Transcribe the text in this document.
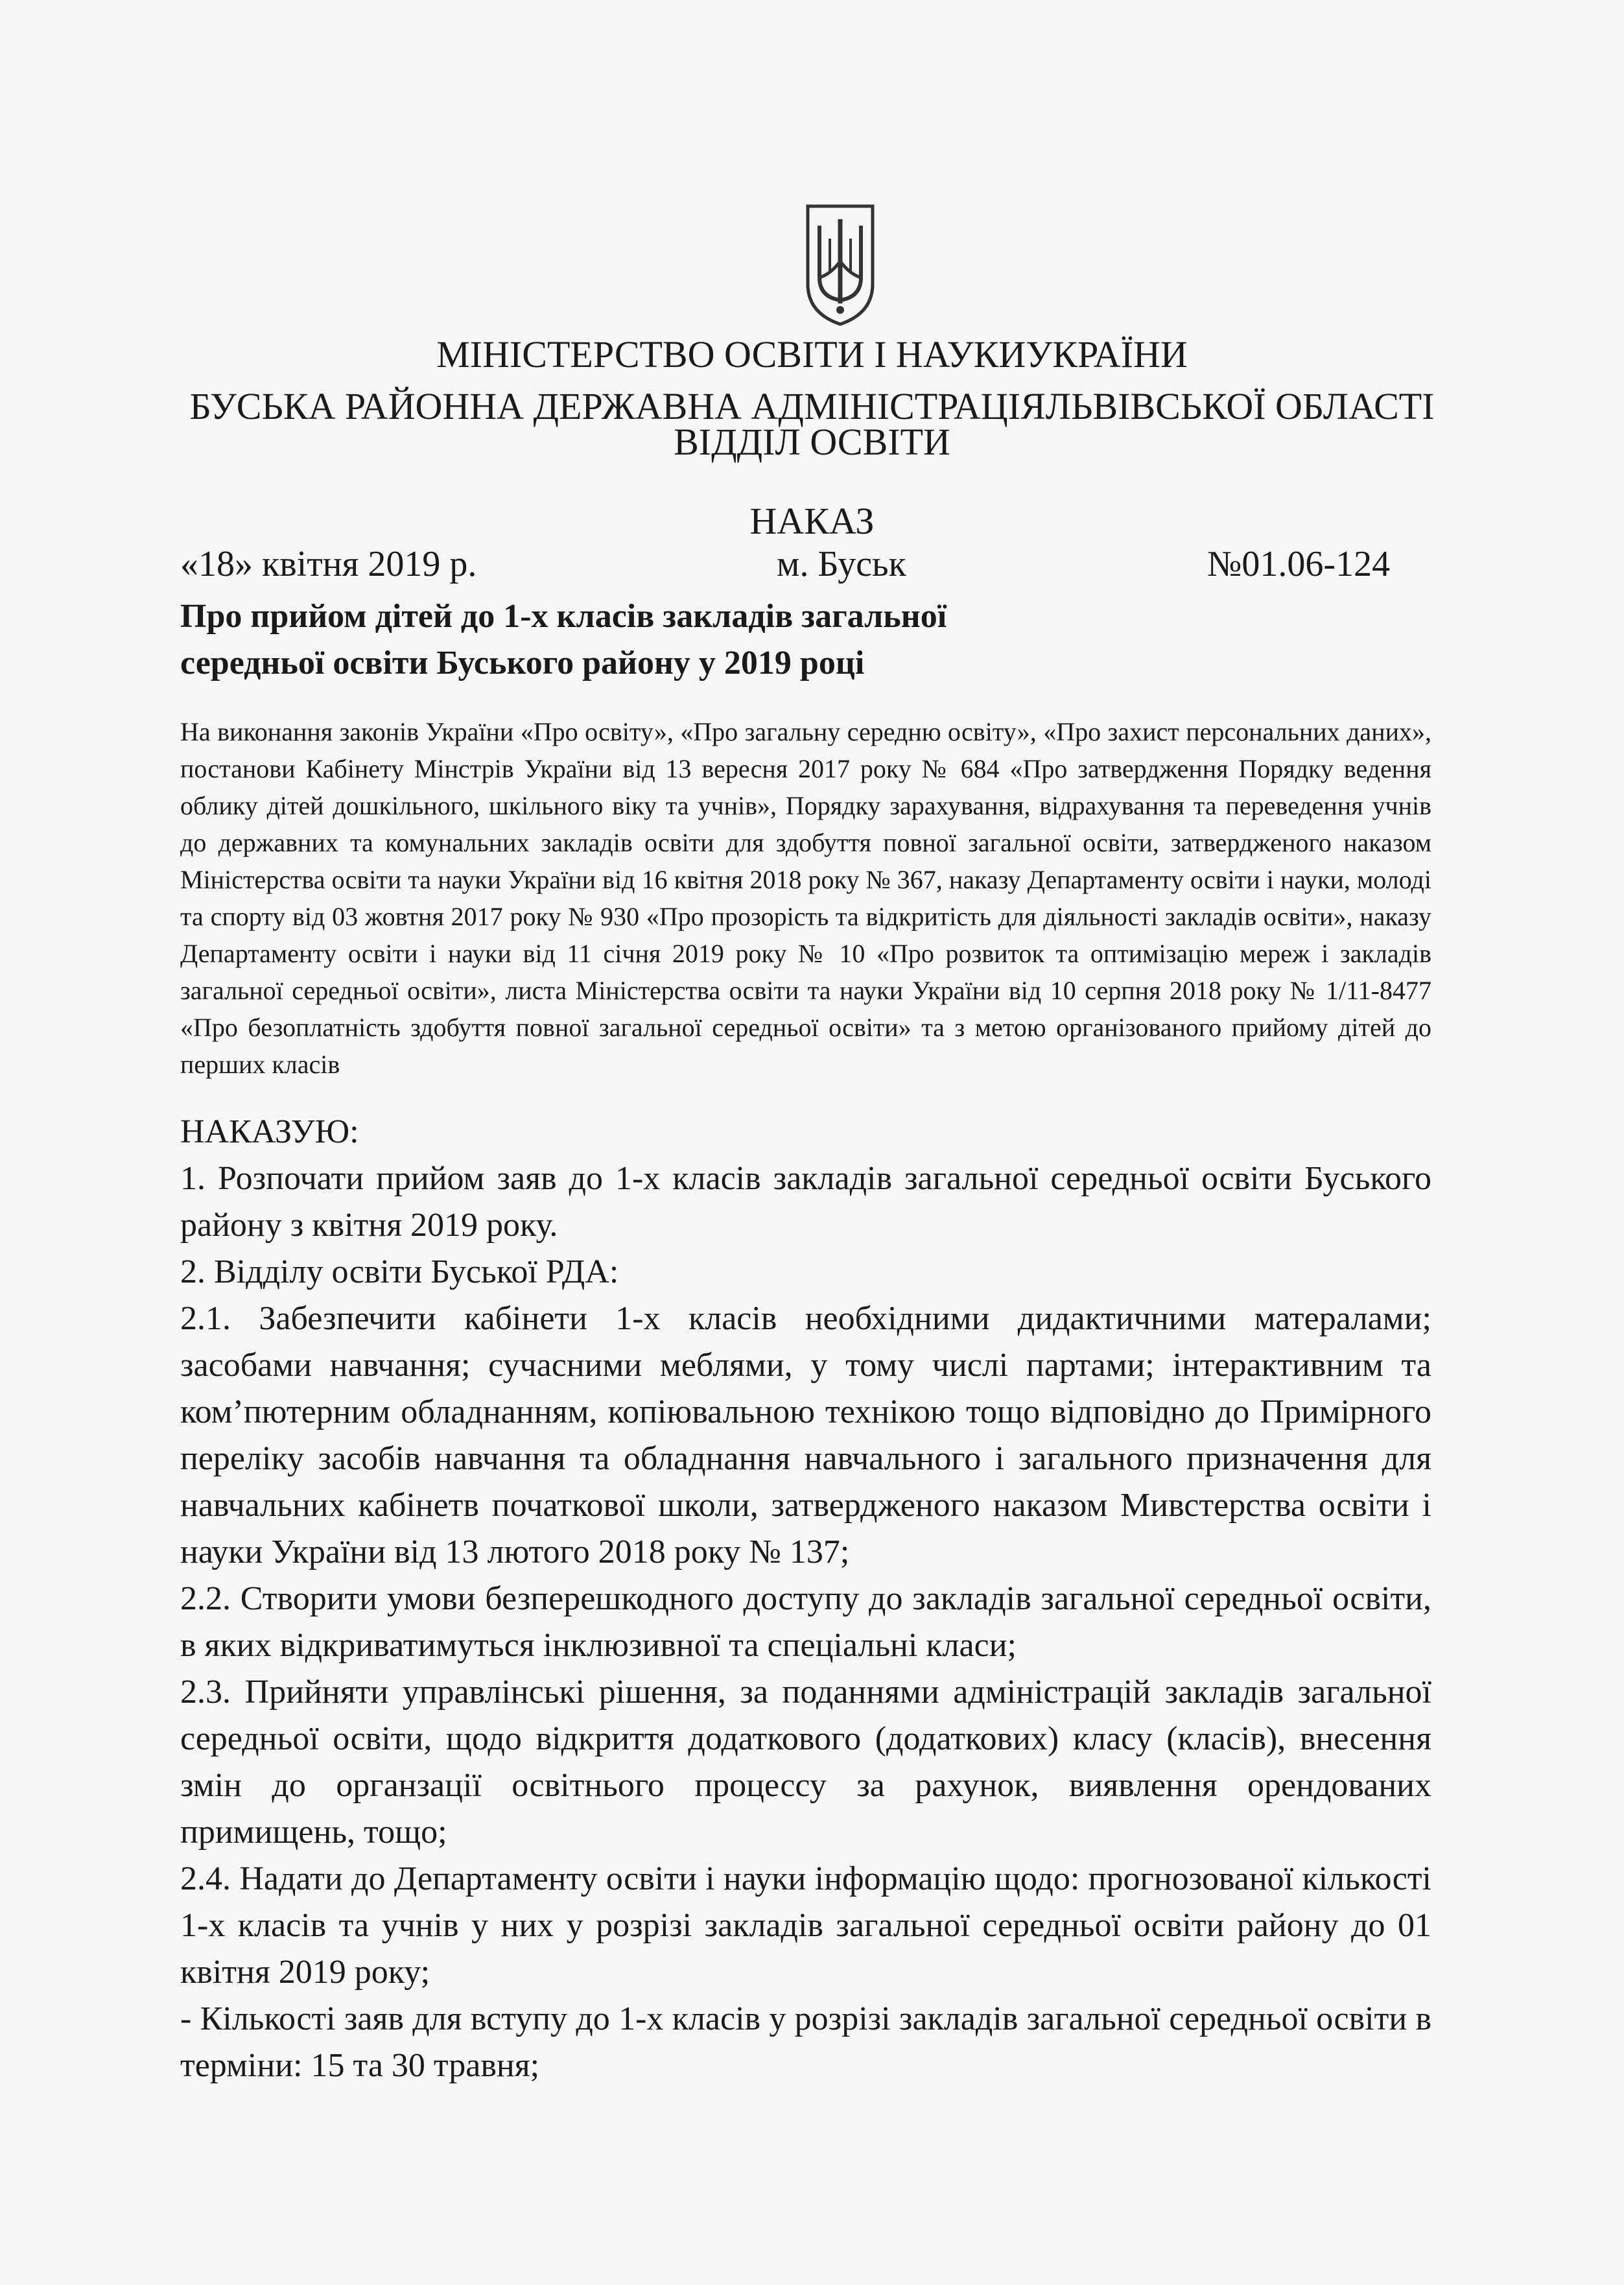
МІНІСТЕРСТВО ОСВІТИ І НАУКИУКРАЇНИ
БУСЬКА РАЙОННА ДЕРЖАВНА АДМІНІСТРАЦІЯЛЬВІВСЬКОЇ ОБЛАСТІ
ВІДДІЛ ОСВІТИ
НАКАЗ
«18» квітня 2019 р.	м. Буськ	№01.06-124
Про прийом дітей до 1-х класів закладів загальної
середньої освіти Буського району у 2019 році
На виконання законів України «Про освіту», «Про загальну середню освіту», «Про захист персональних даних», постанови Кабінету Мінстрів України від 13 вересня 2017 року № 684 «Про затвердження Порядку ведення облику дітей дошкільного, шкільного віку та учнів», Порядку зарахування, відрахування та переведення учнів до державних та комунальних закладів освіти для здобуття повної загальної освіти, затвердженого наказом Міністерства освіти та науки України від 16 квітня 2018 року № 367, наказу Департаменту освіти і науки, молоді та спорту від 03 жовтня 2017 року № 930 «Про прозорість та відкритість для діяльності закладів освіти», наказу Департаменту освіти і науки від 11 січня 2019 року № 10 «Про розвиток та оптимізацію мереж і закладів загальної середньої освіти», листа Міністерства освіти та науки України від 10 серпня 2018 року № 1/11-8477 «Про безоплатність здобуття повної загальної середньої освіти» та з метою організованого прийому дітей до перших класів

НАКАЗУЮ:

1. Розпочати прийом заяв до 1-х класів закладів загальної середньої освіти Буського району з квітня 2019 року.

2. Відділу освіти Буської РДА:

2.1. Забезпечити кабінети 1-х класів необхідними дидактичними матерaлами; засобами навчання; сучасними меблями, у тому числі партами; інтерактивним та ком’пютерним обладнанням, копіювальною технікою тощо відповідно до Примірного переліку засобів навчання та обладнання навчального і загального призначення для навчальних кабінетв початкової школи, затвердженого наказом Мивстерства освіти і науки України від 13 лютого 2018 року № 137;

2.2. Створити умови безперешкодного доступу до закладів загальної середньої освіти, в яких відкриватимуться інклюзивної та спеціальні класи;

2.3. Прийняти управлінські рішення, за поданнями адміністрацій закладів загальної середньої освіти, щодо відкриття додаткового (додаткових) класу (класів), внесення змін до органзації освітнього процессу за рахунок, виявлення орендованих примищень, тощо;

2.4. Надати до Департаменту освіти і науки інформацію щодо: прогнозованої кількості 1-х класів та учнів у них у розрізі закладів загальної середньої освіти району до 01 квітня 2019 року;

- Кількості заяв для вступу до 1-х класів у розрізі закладів загальної середньої освіти в терміни: 15 та 30 травня;
